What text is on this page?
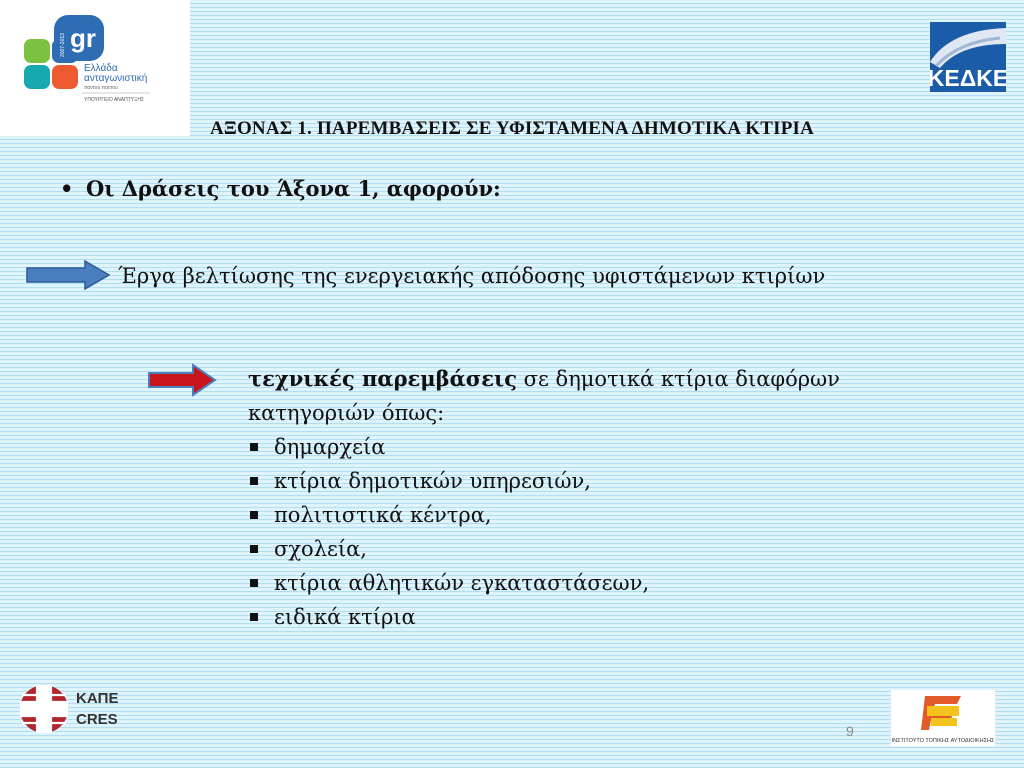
gr
2007-2013
Ελλάδα
ανταγωνιστική
παντού παντού
ΥΠΟΥΡΓΕΙΟ ΑΝΑΠΤΥΞΗΣ
ΚΕΔΚΕ
ΑΞΟΝΑΣ 1. ΠΑΡΕΜΒΑΣΕΙΣ ΣΕ ΥΦΙΣΤΑΜΕΝΑ ΔΗΜΟΤΙΚΑ ΚΤΙΡΙΑ
• Οι Δράσεις του Άξονα 1, αφορούν:
Έργα βελτίωσης της ενεργειακής απόδοσης υφιστάμενων κτιρίων
τεχνικές παρεμβάσεις σε δημοτικά κτίρια διαφόρων
κατηγοριών όπως:
δημαρχεία
κτίρια δημοτικών υπηρεσιών,
πολιτιστικά κέντρα,
σχολεία,
κτίρια αθλητικών εγκαταστάσεων,
ειδικά κτίρια
ΚΑΠΕ
CRES
9
ΙΝΣΤΙΤΟΥΤΟ ΤΟΠΙΚΗΣ ΑΥΤΟΔΙΟΙΚΗΣΗΣ
